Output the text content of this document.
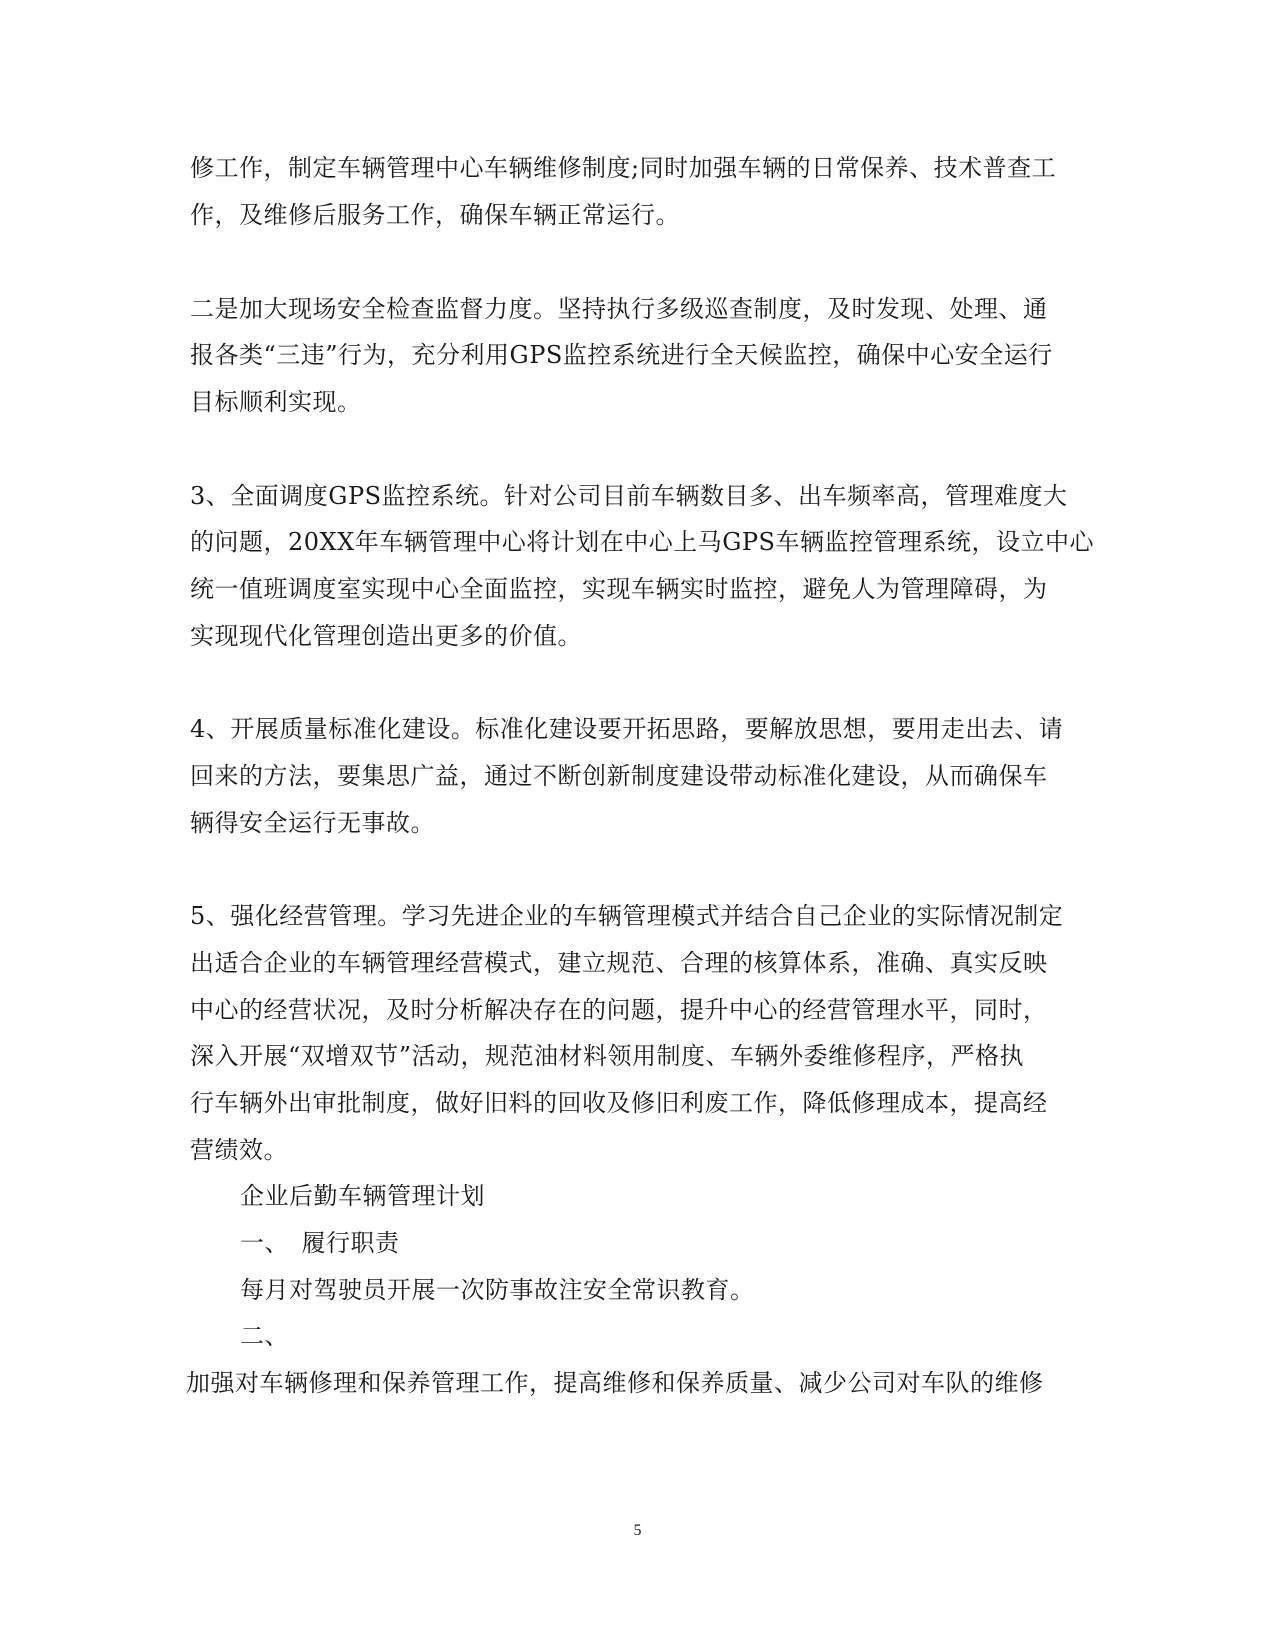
修工作，制定车辆管理中心车辆维修制度;同时加强车辆的日常保养、技术普查工
作，及维修后服务工作，确保车辆正常运行。
二是加大现场安全检查监督力度。坚持执行多级巡查制度，及时发现、处理、通
报各类“三违”行为，充分利用GPS监控系统进行全天候监控，确保中心安全运行
目标顺利实现。
3、全面调度GPS监控系统。针对公司目前车辆数目多、出车频率高，管理难度大
的问题，20XX年车辆管理中心将计划在中心上马GPS车辆监控管理系统，设立中心
统一值班调度室实现中心全面监控，实现车辆实时监控，避免人为管理障碍，为
实现现代化管理创造出更多的价值。
4、开展质量标准化建设。标准化建设要开拓思路，要解放思想，要用走出去、请
回来的方法，要集思广益，通过不断创新制度建设带动标准化建设，从而确保车
辆得安全运行无事故。
5、强化经营管理。学习先进企业的车辆管理模式并结合自己企业的实际情况制定
出适合企业的车辆管理经营模式，建立规范、合理的核算体系，准确、真实反映
中心的经营状况，及时分析解决存在的问题，提升中心的经营管理水平，同时，
深入开展“双增双节”活动，规范油材料领用制度、车辆外委维修程序，严格执
行车辆外出审批制度，做好旧料的回收及修旧利废工作，降低修理成本，提高经
营绩效。
企业后勤车辆管理计划
一、　履行职责
每月对驾驶员开展一次防事故注安全常识教育。
二、
加强对车辆修理和保养管理工作，提高维修和保养质量、减少公司对车队的维修
5
